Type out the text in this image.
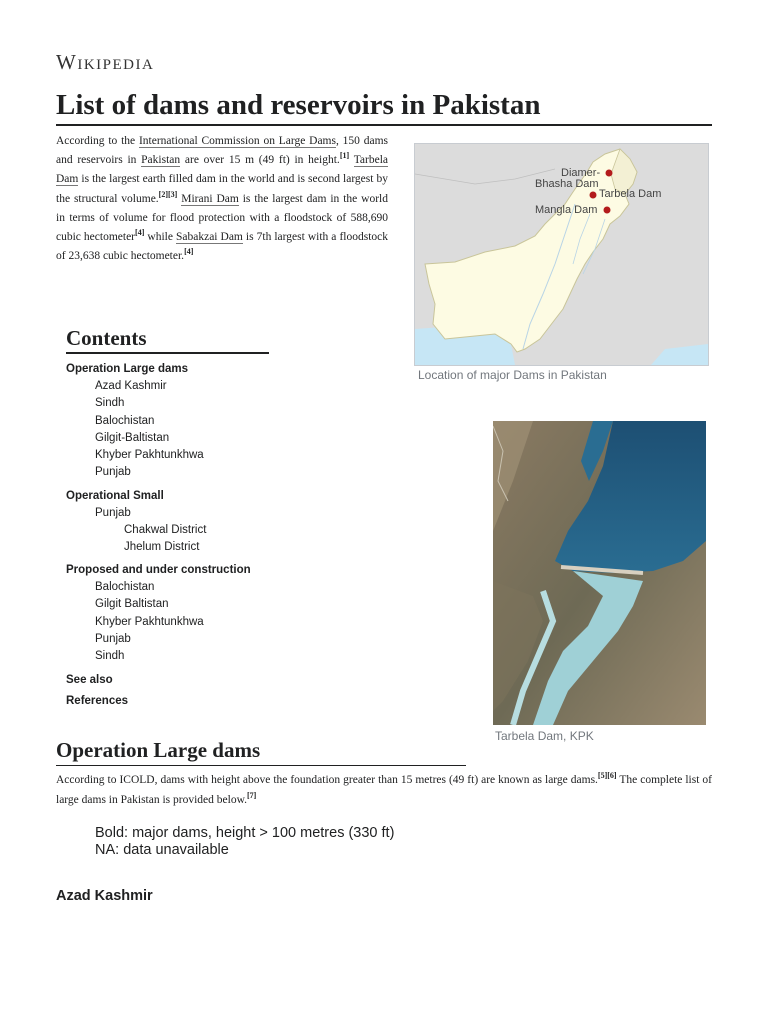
Wikipedia
List of dams and reservoirs in Pakistan
According to the International Commission on Large Dams, 150 dams and reservoirs in Pakistan are over 15 m (49 ft) in height.[1] Tarbela Dam is the largest earth filled dam in the world and is second largest by the structural volume.[2][3] Mirani Dam is the largest dam in the world in terms of volume for flood protection with a floodstock of 588,690 cubic hectometer[4] while Sabakzai Dam is 7th largest with a floodstock of 23,638 cubic hectometer.[4]
Diamer-
Bhasha Dam
Tarbela Dam
Mangla Dam
Location of major Dams in Pakistan
Tarbela Dam, KPK
Contents
Operation Large dams
Azad Kashmir
Sindh
Balochistan
Gilgit-Baltistan
Khyber Pakhtunkhwa
Punjab
Operational Small
Punjab
Chakwal District
Jhelum District
Proposed and under construction
Balochistan
Gilgit Baltistan
Khyber Pakhtunkhwa
Punjab
Sindh
See also
References
Operation Large dams
According to ICOLD, dams with height above the foundation greater than 15 metres (49 ft) are known as large dams.[5][6] The complete list of large dams in Pakistan is provided below.[7]
Bold: major dams, height > 100 metres (330 ft)
NA: data unavailable
Azad Kashmir
